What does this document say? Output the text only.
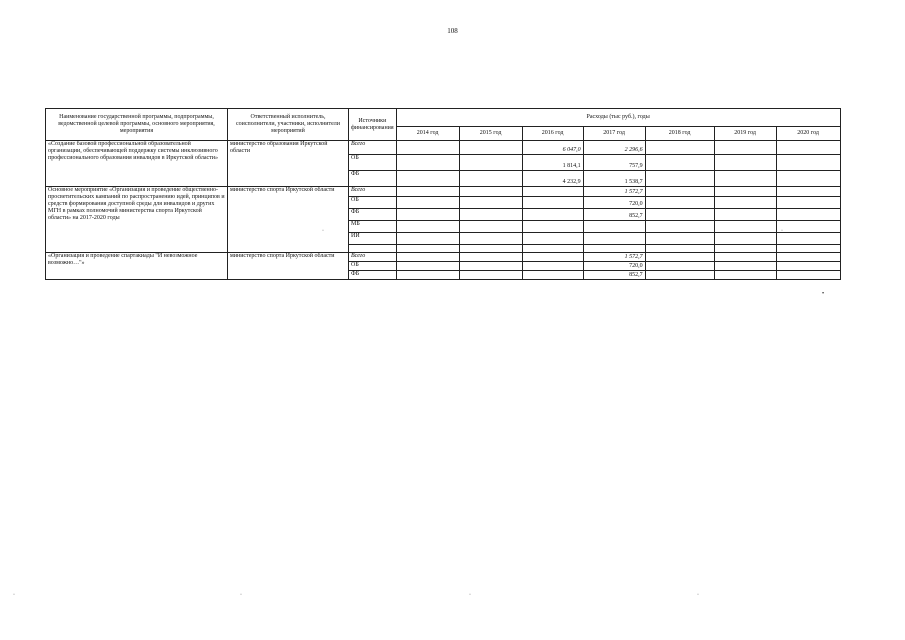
108
Наименование государственной программы, подпрограммы, ведомственной целевой программы, основного мероприятия, мероприятия	Ответственный исполнитель, соисполнители, участники, исполнители мероприятий	Источники финансирования	Расходы (тыс руб.), годы						
			2014 год	2015 год	2016 год	2017 год	2018 год	2019 год	2020 год
«Создание базовой профессиональной образовательной организации, обеспечивающей поддержку системы инклюзивного профессионального образования инвалидов в Иркутской области»	министерство образования Иркутской области	Всего			6 047,0	2 296,6			
		ОБ			1 814,1	757,9			
		ФБ			4 232,9	1 538,7			
Основное мероприятие «Организация и проведение общественно-просветительских кампаний по распространению идей, принципов и средств формирования доступной среды для инвалидов и других МГН в рамках полномочий министерства спорта Иркутской области» на 2017-2020 годы	министерство спорта Иркутской области	Всего				1 572,7			
		ОБ				720,0			
		ФБ				852,7			
		МБ							
		ИИ							

«Организация и проведение спартакиады "И невозможное возможно…"»	министерство спорта Иркутской области	Всего				1 572,7			
		ОБ				720,0			
		ФБ				852,7			
•
·
·
·	·	·	·
